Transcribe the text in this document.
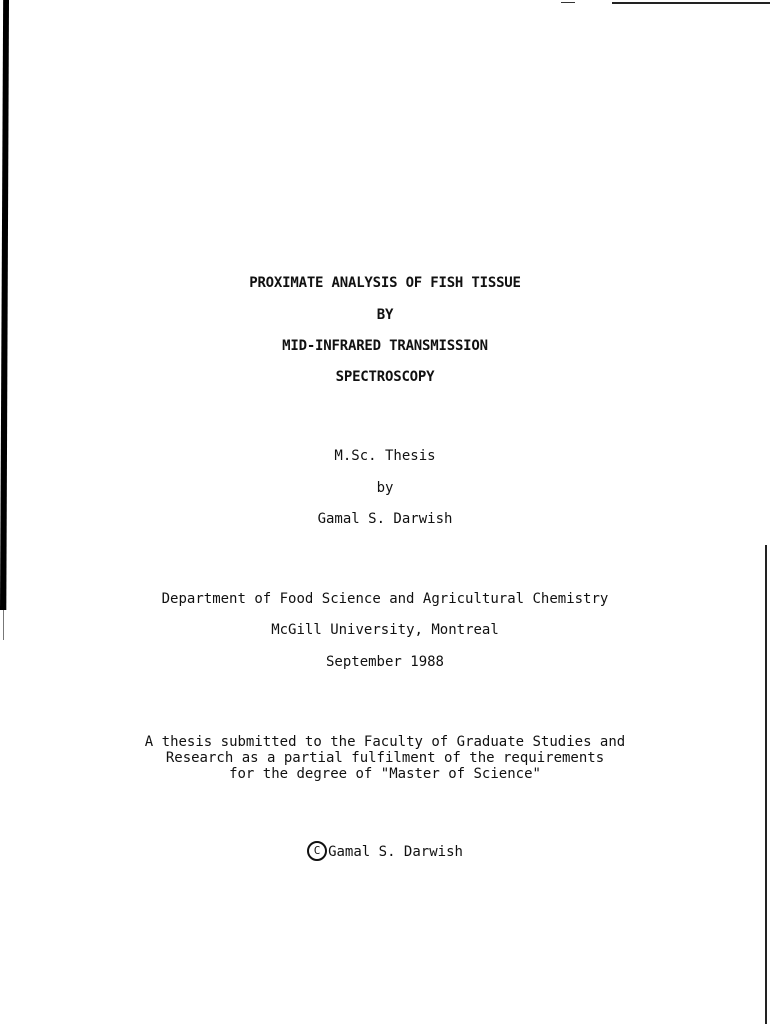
PROXIMATE ANALYSIS OF FISH TISSUE
BY
MID-INFRARED TRANSMISSION
SPECTROSCOPY
M.Sc. Thesis
by
Gamal S. Darwish
Department of Food Science and Agricultural Chemistry
McGill University, Montreal
September 1988
A thesis submitted to the Faculty of Graduate Studies and
Research as a partial fulfilment of the requirements
for the degree of "Master of Science"
C Gamal S. Darwish
